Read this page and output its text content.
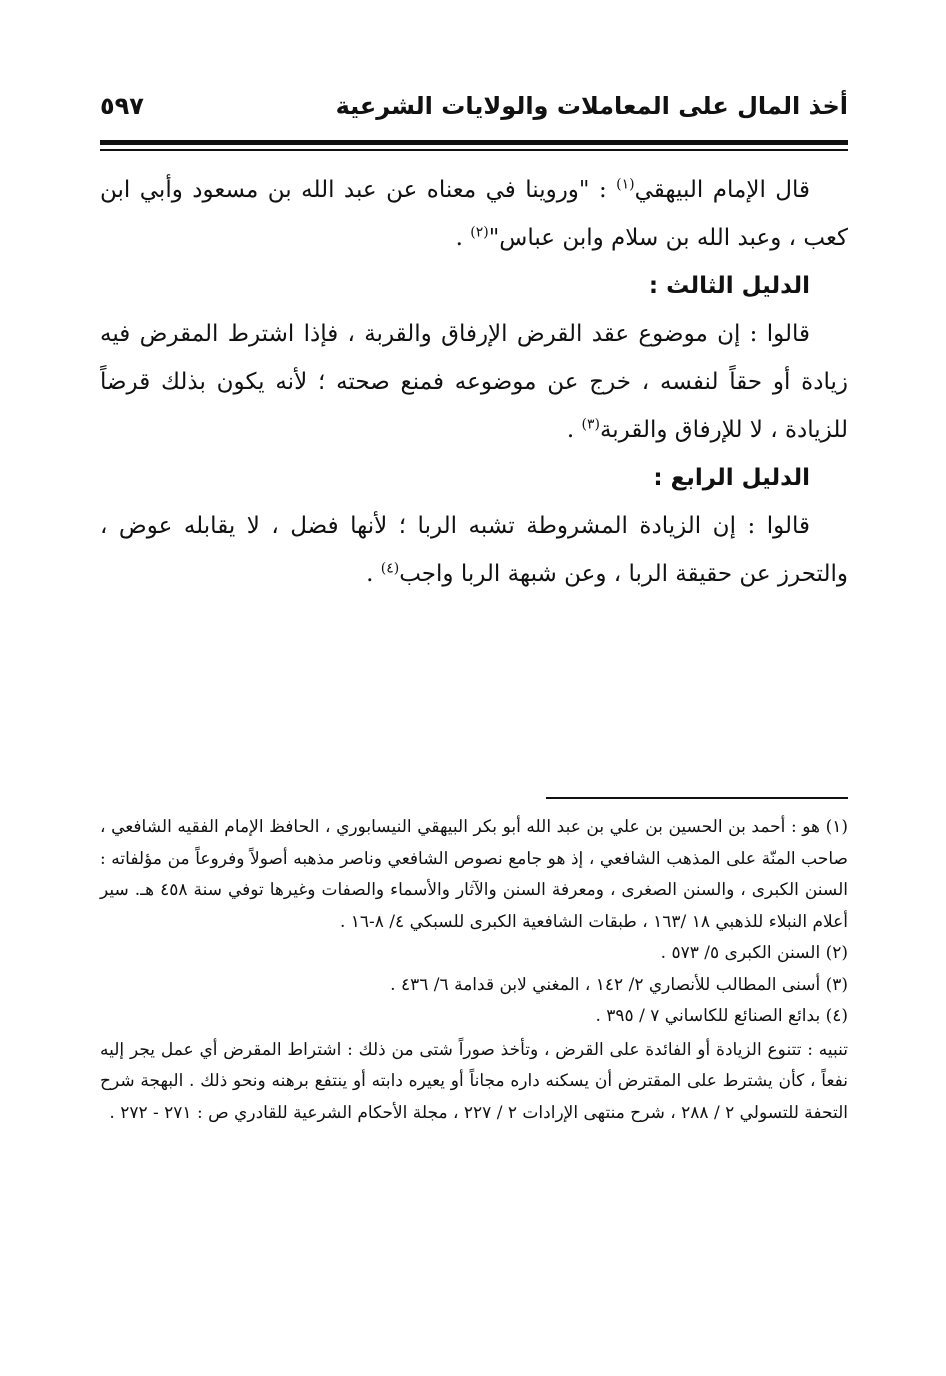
أخذ المال على المعاملات والولايات الشرعية
٥٩٧

قال الإمام البيهقي$^{(١)}$ : "وروينا في معناه عن عبد الله بن مسعود وأبي ابن كعب ، وعبد الله بن سلام وابن عباس"$^{(٢)}$ .

الدليل الثالث :

قالوا : إن موضوع عقد القرض الإرفاق والقربة ، فإذا اشترط المقرض فيه زيادة أو حقاً لنفسه ، خرج عن موضوعه فمنع صحته ؛ لأنه يكون بذلك قرضاً للزيادة ، لا للإرفاق والقربة$^{(٣)}$ .

الدليل الرابع :

قالوا : إن الزيادة المشروطة تشبه الربا ؛ لأنها فضل ، لا يقابله عوض ، والتحرز عن حقيقة الربا ، وعن شبهة الربا واجب$^{(٤)}$ .

(١) هو : أحمد بن الحسين بن علي بن عبد الله أبو بكر البيهقي النيسابوري ، الحافظ الإمام الفقيه الشافعي ، صاحب المنّة على المذهب الشافعي ، إذ هو جامع نصوص الشافعي وناصر مذهبه أصولاً وفروعاً من مؤلفاته : السنن الكبرى ، والسنن الصغرى ، ومعرفة السنن والآثار والأسماء والصفات وغيرها توفي سنة ٤٥٨ هـ. سير أعلام النبلاء للذهبي ١٨ /١٦٣ ، طبقات الشافعية الكبرى للسبكي ٤/ ٨-١٦ .

(٢) السنن الكبرى ٥/ ٥٧٣ .

(٣) أسنى المطالب للأنصاري ٢/ ١٤٢ ، المغني لابن قدامة ٦/ ٤٣٦ .

(٤) بدائع الصنائع للكاساني ٧ / ٣٩٥ .

تنبيه : تتنوع الزيادة أو الفائدة على القرض ، وتأخذ صوراً شتى من ذلك : اشتراط المقرض أي عمل يجر إليه نفعاً ، كأن يشترط على المقترض أن يسكنه داره مجاناً أو يعيره دابته أو ينتفع برهنه ونحو ذلك . البهجة شرح التحفة للتسولي ٢ / ٢٨٨ ، شرح منتهى الإرادات ٢ / ٢٢٧ ، مجلة الأحكام الشرعية للقادري ص : ٢٧١ - ٢٧٢ .
